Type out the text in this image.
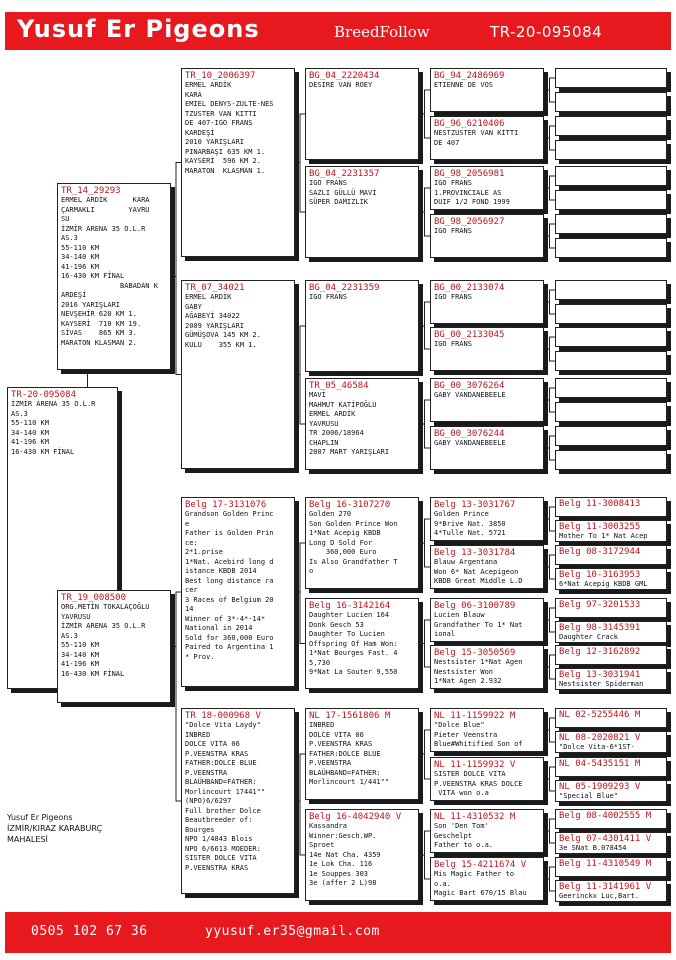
Yusuf Er Pigeons	BreedFollow	TR-20-095084
TR-20-095084
İZMİR ARENA 35 O.L.R
AS.3
55-110 KM
34-140 KM
41-196 KM
16-430 KM FİNAL
TR_14_29293
ERMEL ARDİK      KARA
ÇARMAKLI        YAVRU
SU
İZMİR ARENA 35 O.L.R
AS.3
55-110 KM
34-140 KM
41-196 KM
16-430 KM FİNAL
BABADAN K
ARDEŞİ
2016 YARIŞLARI
NEVŞEHİR 620 KM 1.
KAYSERİ  710 KM 19.
SİVAS    865 KM 3.
MARATON KLASMAN 2.
TR_19_008500
ORG.METİN TOKALAÇOĞLU
YAVRUSU
İZMİR ARENA 35 O.L.R
AS.3
55-110 KM
34-140 KM
41-196 KM
16-430 KM FİNAL
TR_10_2006397
ERMEL ARDİK
KARA
EMIEL DENYS-ZULTE-NES
TZUSTER VAN KITTI
DE 407-IGO FRANS
KARDEŞİ
2010 YARIŞLARI
PINARBAŞI 635 KM 1.
KAYSERİ  596 KM 2.
MARATON  KLASMAN 1.
TR_07_34021
ERMEL ARDİK
GABY
AĞABEYİ 34022
2009 YARIŞLARI
GÜMÜŞOVA 145 KM 2.
KULU    355 KM 1.
Belg 17-3131076
Grandson Golden Princ
e
Father is Golden Prin
ce:
2*1.prise
1*Nat. Acebird long d
istance KBDB 2014
Best long distance ra
cer
3 Races of Belgium 20
14
Winner of 3*-4*-14*
National in 2014
Sold for 360,000 Euro
Paired to Argentina 1
* Prov.
TR 18-000968 V
"Dolce Vita Laydy"
INBRED
DOLCE VITA 06
P.VEENSTRA KRAS
FATHER:DOLCE BLUE
P.VEENSTRA
BLAÜHBAND=FATHER:
Morlincourt 17441""
(NPO)6/6297
Full brother Dolce
Beautbreeder of:
Bourges
NPO 1/4843 Blois
NPO 6/6613 MOEDER:
SISTER DOLCE VITA
P.VEENSTRA KRAS
BG_04_2220434
DESIRE VAN ROEY
BG_04_2231357
IGO FRANS
SAZLI GÜLLÜ MAVİ
SÜPER DAMIZLIK
BG_04_2231359
IGO FRANS
TR_05_46584
MAVİ
MAHMUT KATİPOĞLU
ERMEL ARDİK
YAVRUSU
TR 2006/18964
CHAPLIN
2007 MART YARIŞLARI
Belg 16-3107270
Golden 270
Son Golden Prince Won
1*Nat Acepig KBDB
Long D Sold For
360,000 Euro
Is Also Grandfather T
o
Belg 16-3142164
Daughter Lucien 164
Donk Gesch 53
Daughter To Lucien
Offspring Of Ham Won:
1*Nat Bourges Fast. 4
5,730
9*Nat La Souter 9,550
NL 17-1561806 M
INBRED
DOLCE VITA 06
P.VEENSTRA KRAS
FATHER:DOLCE BLUE
P.VEENSTRA
BLAÜHBAND=FATHER:
Morlincourt 1/441""
Belg 16-4042940 V
Kassandra
Winner:Gesch.WP.
Sproet
14e Nat Cha. 4359
1e Lok Cha. 116
1e Souppes 303
3e (affer 2 L)98
BG_94_2486969
ETIENNE DE VOS
BG_96_6210406
NESTZUSTER VAN KITTI
DE 407
BG_98_2056981
IGO FRANS
1.PROVINCIALE AS
DUIF 1/2 FOND 1999
BG_98_2056927
IGO FRANS
BG_00_2133074
IGO FRANS
BG_00_2133045
IGO FRANS
BG_00_3076264
GABY VANDANEBEELE
BG_00_3076244
GABY VANDANEBEELE
Belg 13-3031767
Golden Prince
9*Brive Nat. 3850
4*Tulle Nat. 5721
Belg 13-3031784
Blauw Argentana
Won 6* Nat Acepigeon
KBDB Great Middle L.D
Belg 06-3100789
Lucien Blauw
Grandfather To 1* Nat
ional
Belg 15-3050569
Nestsister 1*Nat Agen
Nestsister Won
1*Nat Agen 2.932
NL 11-1159922 M
"Dolce Blue"
Pieter Veenstra
Blue#Whitified Son of
NL 11-1159932 V
SISTER DOLCE VITA
P.VEENSTRA KRAS DOLCE
VITA won o.a
NL 11-4310532 M
Son 'Den Tom'
Geschelpt
Father to o.a.
Belg 15-4211674 V
Mis Magic Father to
o.a.
Magic Bart 670/15 Blau
Belg 11-3008413
Belg 11-3003255
Mother To 1* Nat Acep
Belg 08-3172944
Belg 10-3163953
6*Nat Acepig KBDB GML
Belg 97-3201533
Belg 98-3145391
Daughter Crack
Belg 12-3162892
Belg 13-3031941
Nestsister Spiderman
NL 02-5255446 M
NL 08-2020821 V
"Dolce Vita-6*1ST-
NL 04-5435151 M
NL 05-1909293 V
"Special Blue"
Belg 08-4002555 M
Belg 07-4301411 V
3e SNat B.078454
Belg 11-4310549 M
Belg 11-3141961 V
Geerinckx Luc,Bart.
Yusuf Er Pigeons
İZMİR/KIRAZ KARABURÇ
MAHALESİ
0505 102 67 36	yyusuf.er35@gmail.com
